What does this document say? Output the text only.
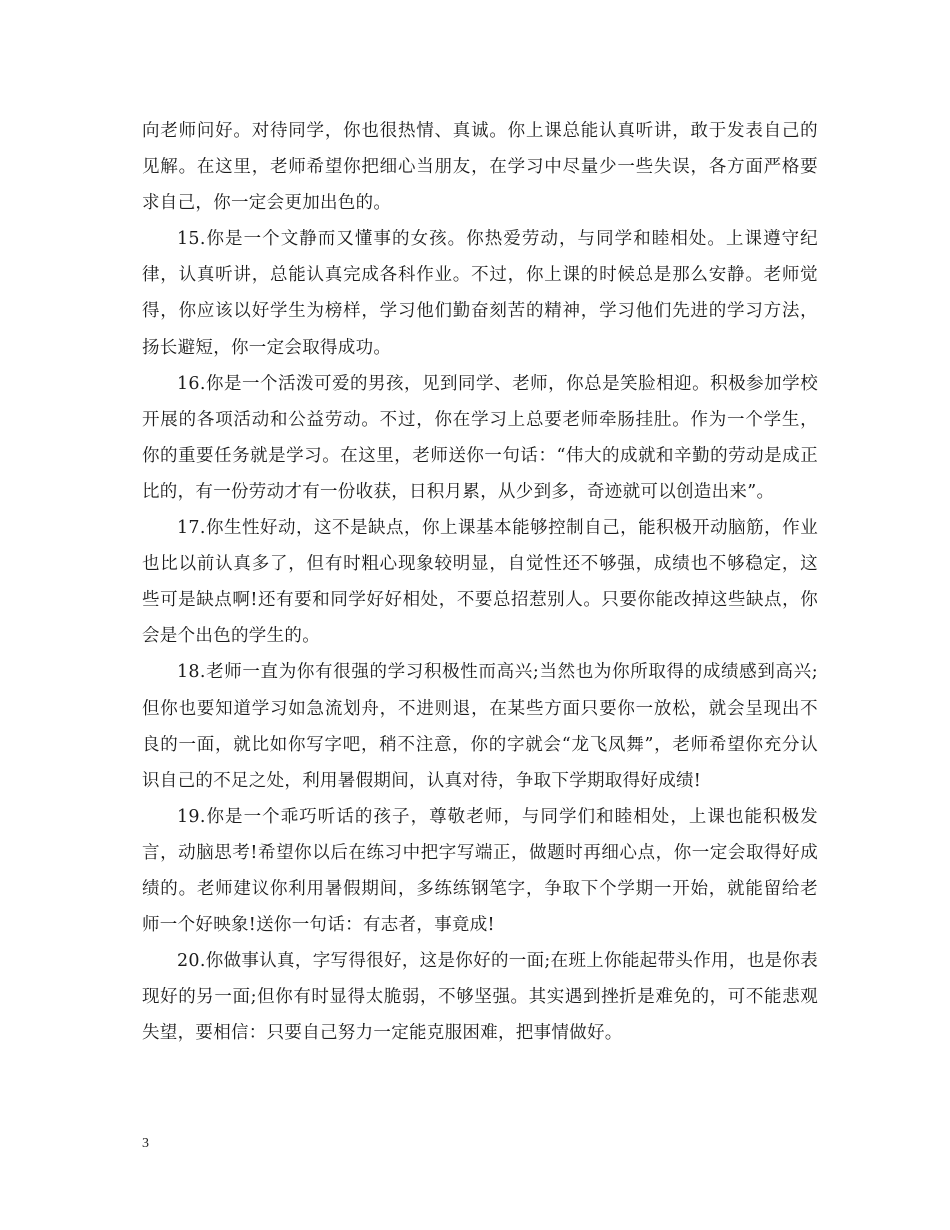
向老师问好。对待同学，你也很热情、真诚。你上课总能认真听讲，敢于发表自己的见解。在这里，老师希望你把细心当朋友，在学习中尽量少一些失误，各方面严格要求自己，你一定会更加出色的。

15.你是一个文静而又懂事的女孩。你热爱劳动，与同学和睦相处。上课遵守纪律，认真听讲，总能认真完成各科作业。不过，你上课的时候总是那么安静。老师觉得，你应该以好学生为榜样，学习他们勤奋刻苦的精神，学习他们先进的学习方法，扬长避短，你一定会取得成功。

16.你是一个活泼可爱的男孩，见到同学、老师，你总是笑脸相迎。积极参加学校开展的各项活动和公益劳动。不过，你在学习上总要老师牵肠挂肚。作为一个学生，你的重要任务就是学习。在这里，老师送你一句话：“伟大的成就和辛勤的劳动是成正比的，有一份劳动才有一份收获，日积月累，从少到多，奇迹就可以创造出来”。

17.你生性好动，这不是缺点，你上课基本能够控制自己，能积极开动脑筋，作业也比以前认真多了，但有时粗心现象较明显，自觉性还不够强，成绩也不够稳定，这些可是缺点啊!还有要和同学好好相处，不要总招惹别人。只要你能改掉这些缺点，你会是个出色的学生的。

18.老师一直为你有很强的学习积极性而高兴;当然也为你所取得的成绩感到高兴;但你也要知道学习如急流划舟，不进则退，在某些方面只要你一放松，就会呈现出不良的一面，就比如你写字吧，稍不注意，你的字就会“龙飞凤舞”，老师希望你充分认识自己的不足之处，利用暑假期间，认真对待，争取下学期取得好成绩!

19.你是一个乖巧听话的孩子，尊敬老师，与同学们和睦相处，上课也能积极发言，动脑思考!希望你以后在练习中把字写端正，做题时再细心点，你一定会取得好成绩的。老师建议你利用暑假期间，多练练钢笔字，争取下个学期一开始，就能留给老师一个好映象!送你一句话：有志者，事竟成!

20.你做事认真，字写得很好，这是你好的一面;在班上你能起带头作用，也是你表现好的另一面;但你有时显得太脆弱，不够坚强。其实遇到挫折是难免的，可不能悲观失望，要相信：只要自己努力一定能克服困难，把事情做好。

3
